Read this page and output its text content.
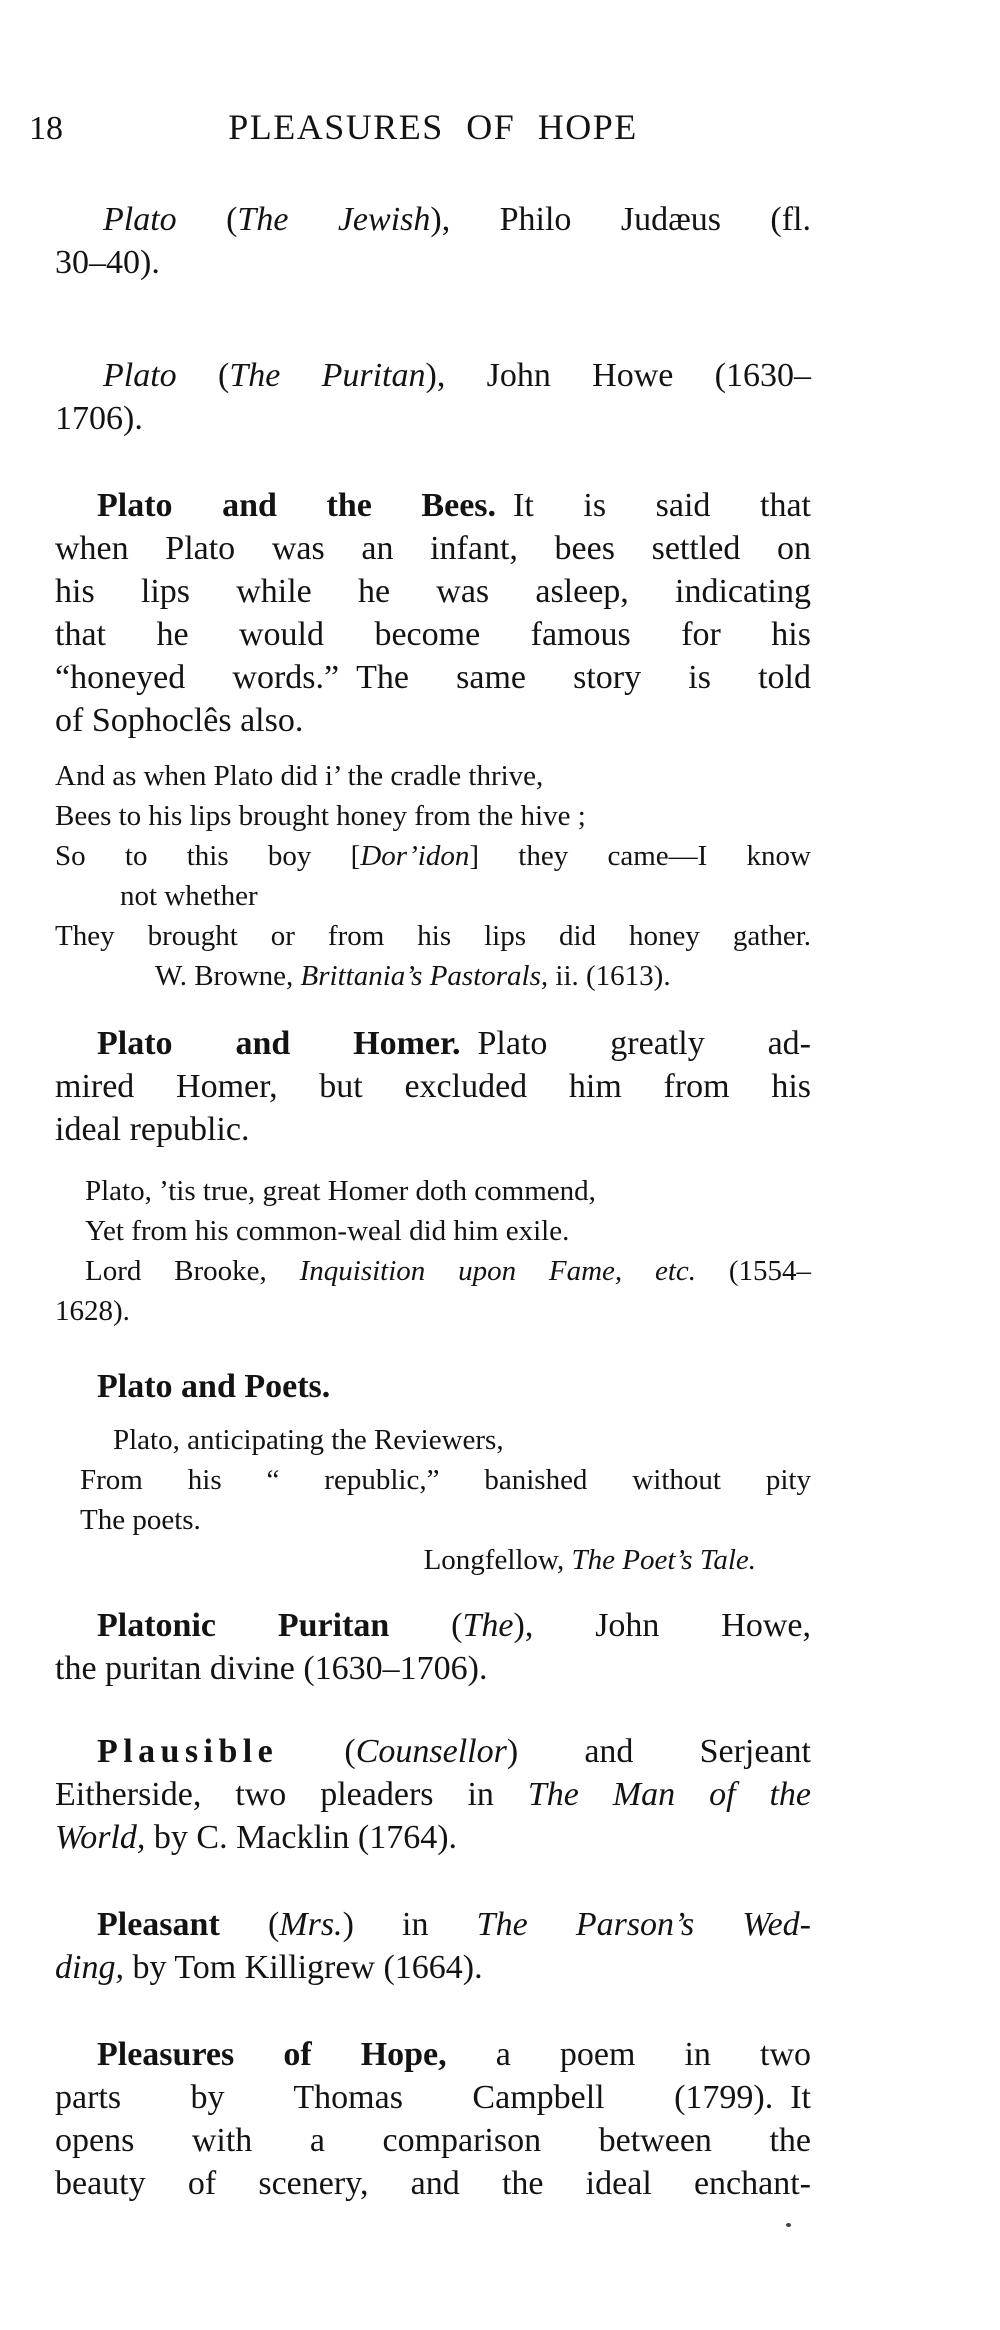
18	PLEASURES OF HOPE
Plato (The Jewish), Philo Judæus (fl.
30–40).
Plato (The Puritan), John Howe (1630–
1706).
Plato and the Bees. It is said that
when Plato was an infant, bees settled on
his lips while he was asleep, indicating
that he would become famous for his
“honeyed words.” The same story is told
of Sophoclês also.
And as when Plato did i’ the cradle thrive,
Bees to his lips brought honey from the hive ;
So to this boy [Dor’idon] they came—I know
not whether
They brought or from his lips did honey gather.
W. Browne, Brittania’s Pastorals, ii. (1613).
Plato and Homer. Plato greatly ad-
mired Homer, but excluded him from his
ideal republic.
Plato, ’tis true, great Homer doth commend,
Yet from his common-weal did him exile.
Lord Brooke, Inquisition upon Fame, etc. (1554–
1628).
Plato and Poets.
Plato, anticipating the Reviewers,
From his “ republic,” banished without pity
The poets.
Longfellow, The Poet’s Tale.
Platonic Puritan (The), John Howe,
the puritan divine (1630–1706).
Plausible (Counsellor) and Serjeant
Eitherside, two pleaders in The Man of the
World, by C. Macklin (1764).
Pleasant (Mrs.) in The Parson’s Wed-
ding, by Tom Killigrew (1664).
Pleasures of Hope, a poem in two
parts by Thomas Campbell (1799). It
opens with a comparison between the
beauty of scenery, and the ideal enchant-
